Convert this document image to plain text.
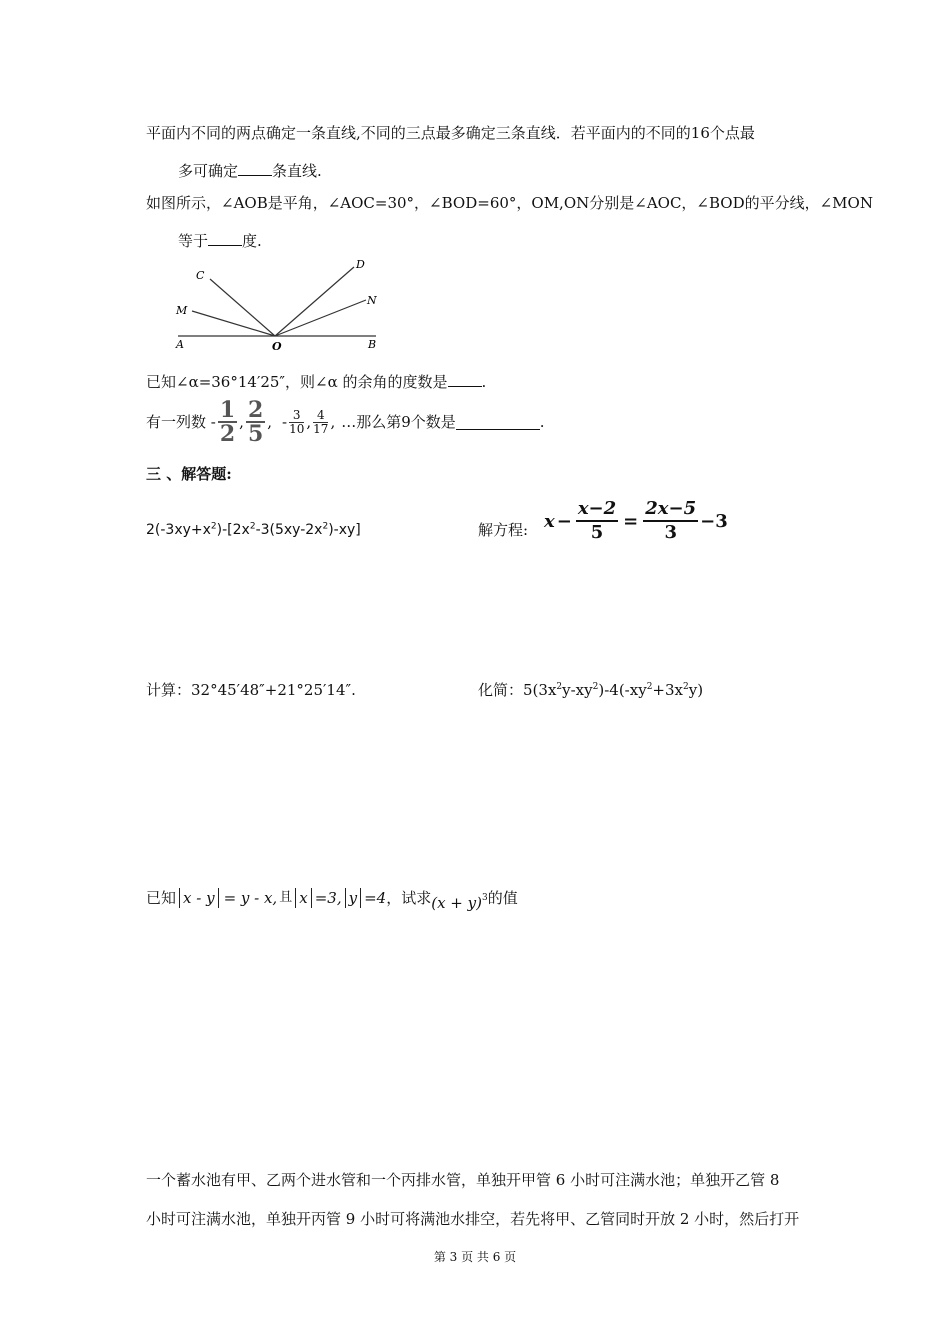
平面内不同的两点确定一条直线,不同的三点最多确定三条直线．若平面内的不同的16个点最
多可确定 条直线.
如图所示，∠AOB是平角，∠AOC=30°，∠BOD=60°，OM,ON分别是∠AOC，∠BOD的平分线，∠MON
等于 度.
C
D
M
N
A	O	B
已知∠α=36°14′25″，则∠α 的余角的度数是 .
有一列数 - $\frac{1}{2}$ , $\frac{2}{5}$ , - $\frac{3}{10}$ , $\frac{4}{17}$ , …那么第9个数是	.
三 、解答题:
$2(-3xy+x^2)-[2x^2-3(5xy-2x^2)-xy]$	解方程: $x - \frac{x-2}{5} = \frac{2x-5}{3} -3$
计算：32°45′48″+21°25′14″.	化简：$5(3x^2y-xy^2)-4(-xy^2+3x^2y)$
已知 x - y = y - x, 且 x =3, y =4 ，试求 (x + y) 3 的值
一个蓄水池有甲、乙两个进水管和一个丙排水管，单独开甲管 6 小时可注满水池；单独开乙管 8
小时可注满水池，单独开丙管 9 小时可将满池水排空，若先将甲、乙管同时开放 2 小时，然后打开
第 3 页 共 6 页
